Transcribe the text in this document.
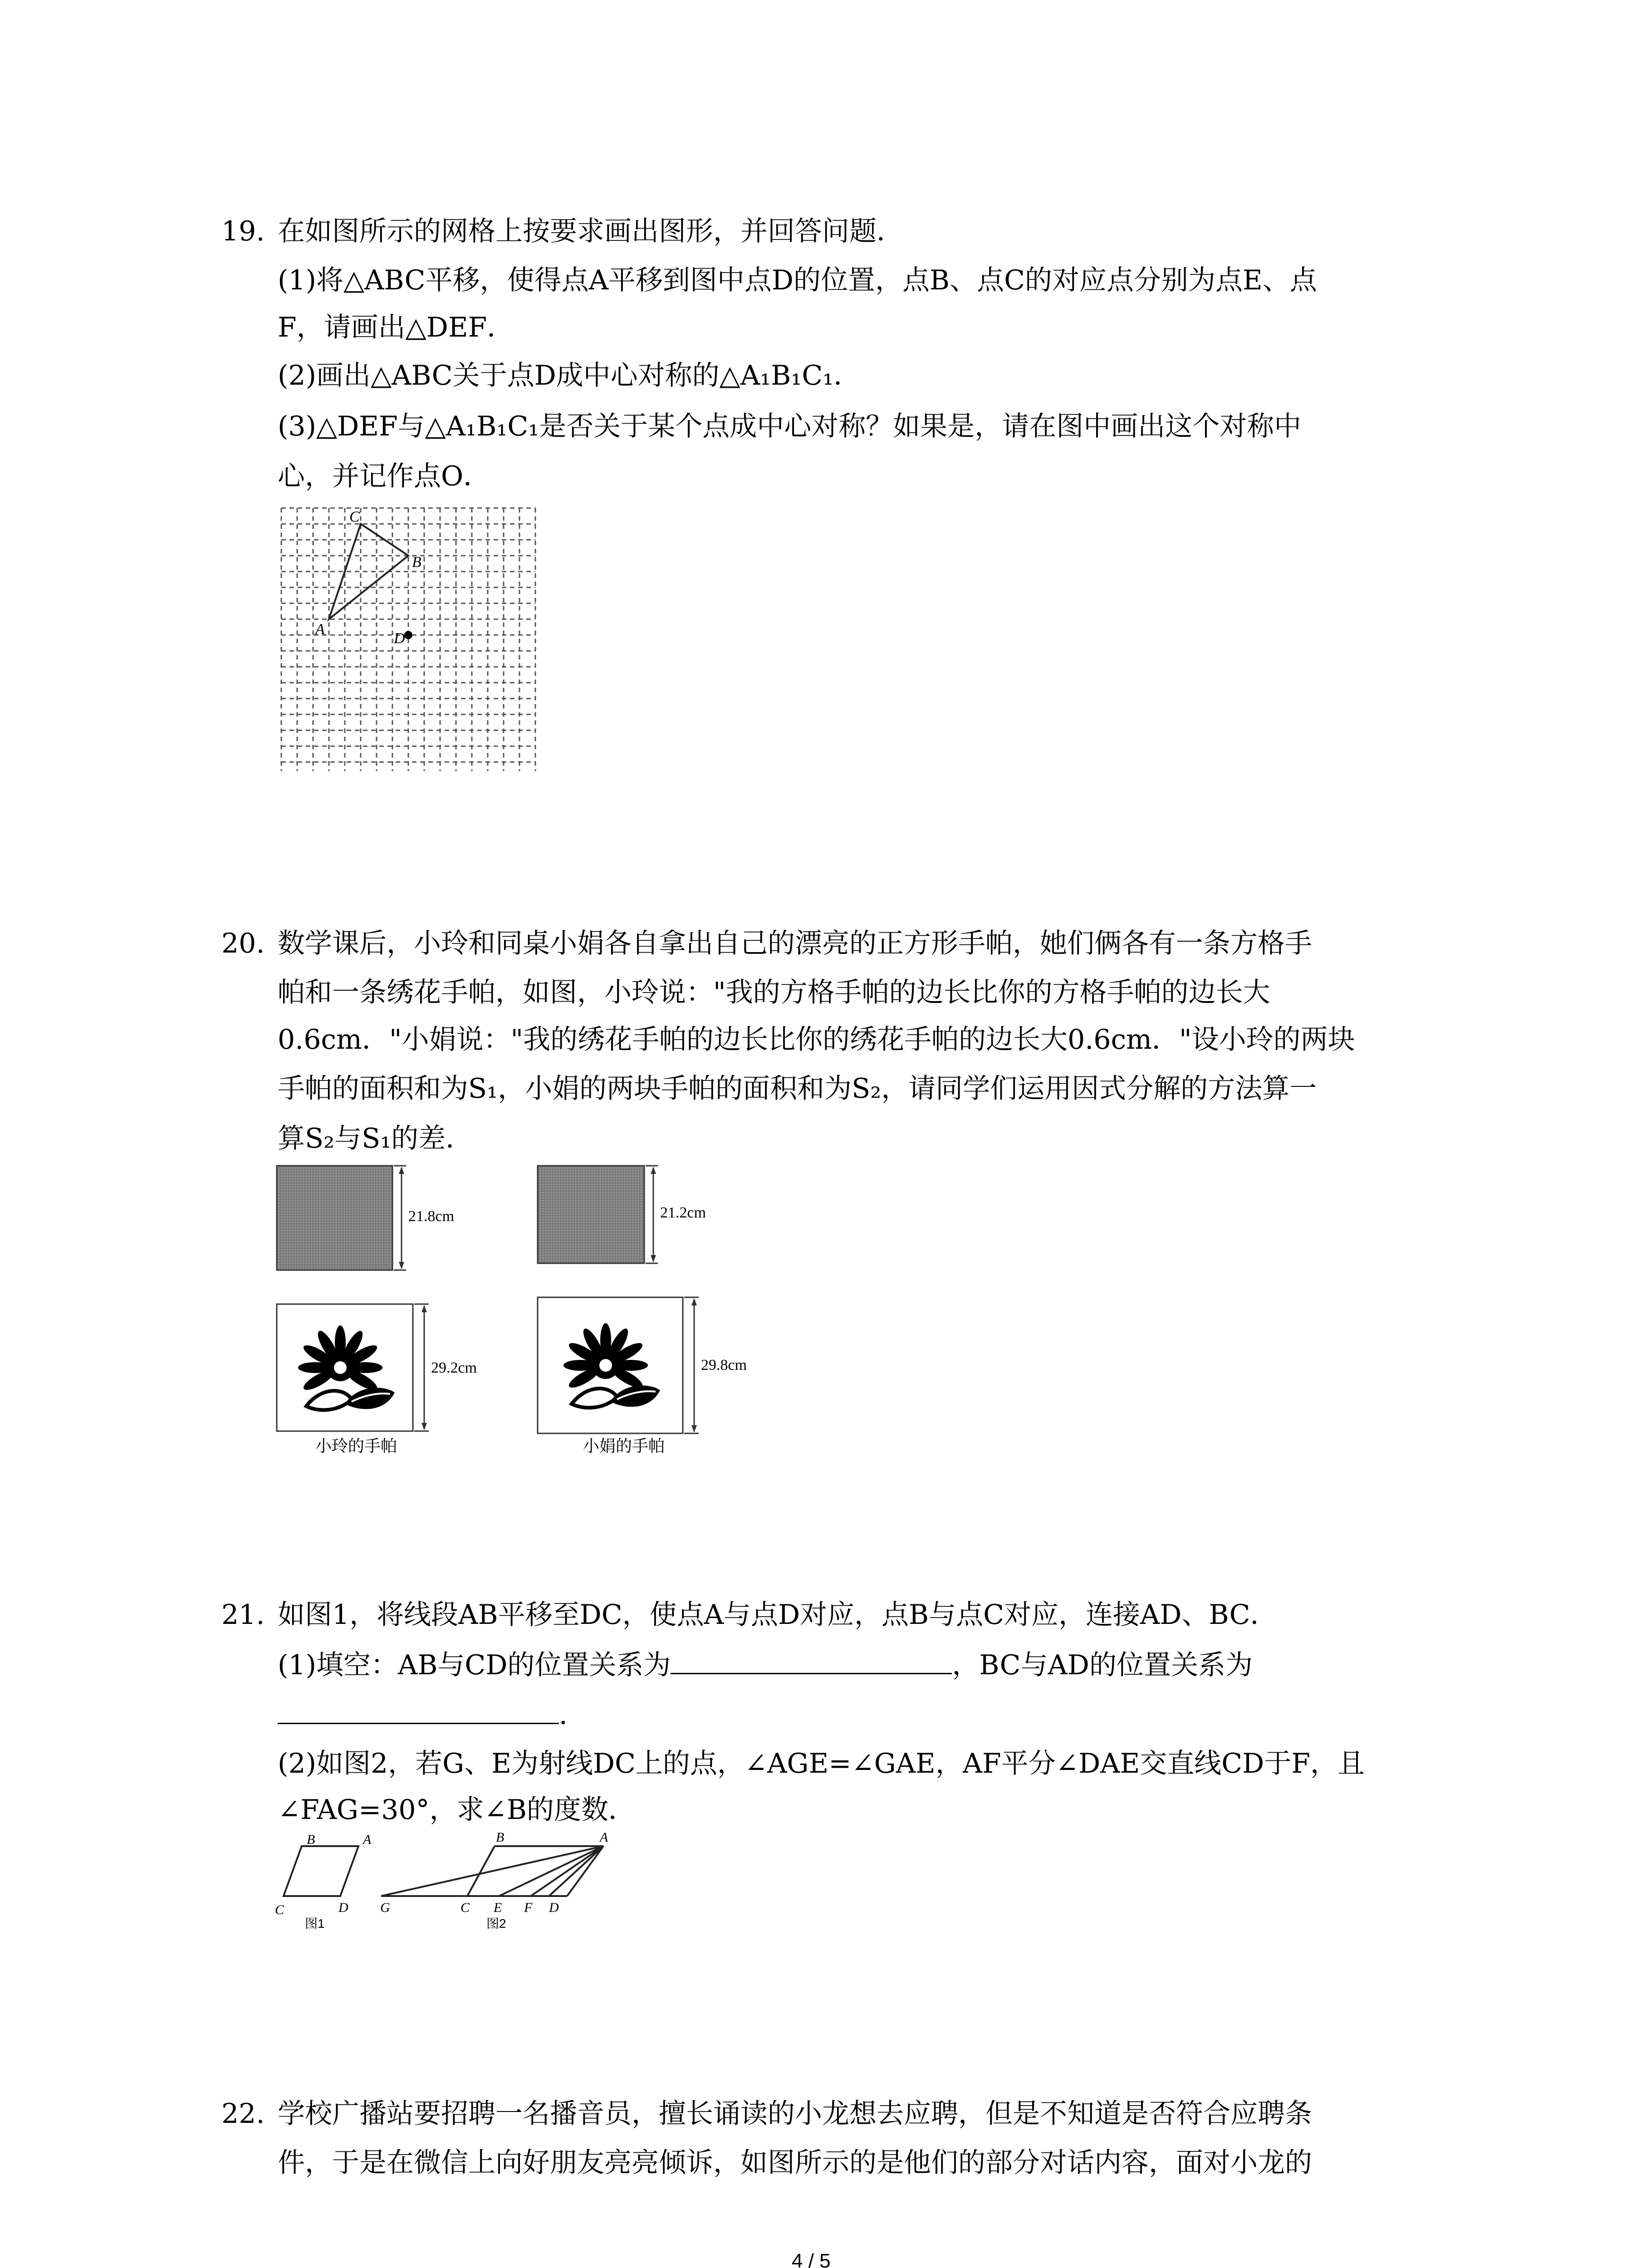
19. 在如图所示的网格上按要求画出图形，并回答问题．
(1)将△ABC平移，使得点A平移到图中点D的位置，点B、点C的对应点分别为点E、点
F，请画出△DEF．
(2)画出△ABC关于点D成中心对称的△A₁B₁C₁．
(3)△DEF与△A₁B₁C₁是否关于某个点成中心对称？如果是，请在图中画出这个对称中
心，并记作点O．
A
C
B
D
20. 数学课后，小玲和同桌小娟各自拿出自己的漂亮的正方形手帕，她们俩各有一条方格手
帕和一条绣花手帕，如图，小玲说："我的方格手帕的边长比你的方格手帕的边长大
0.6cm．"小娟说："我的绣花手帕的边长比你的绣花手帕的边长大0.6cm．"设小玲的两块
手帕的面积和为S₁，小娟的两块手帕的面积和为S₂，请同学们运用因式分解的方法算一
算S₂与S₁的差．
21.8cm	21.2cm
29.2cm	29.8cm
小玲的手帕	小娟的手帕
21. 如图1，将线段AB平移至DC，使点A与点D对应，点B与点C对应，连接AD、BC．
(1)填空：AB与CD的位置关系为	，BC与AD的位置关系为
．
(2)如图2，若G、E为射线DC上的点，∠AGE=∠GAE，AF平分∠DAE交直线CD于F，且
∠FAG=30°，求∠B的度数．
B	A
C	D
图1
B	A
G	C E F D
图2
22. 学校广播站要招聘一名播音员，擅长诵读的小龙想去应聘，但是不知道是否符合应聘条
件，于是在微信上向好朋友亮亮倾诉，如图所示的是他们的部分对话内容，面对小龙的
4 / 5
